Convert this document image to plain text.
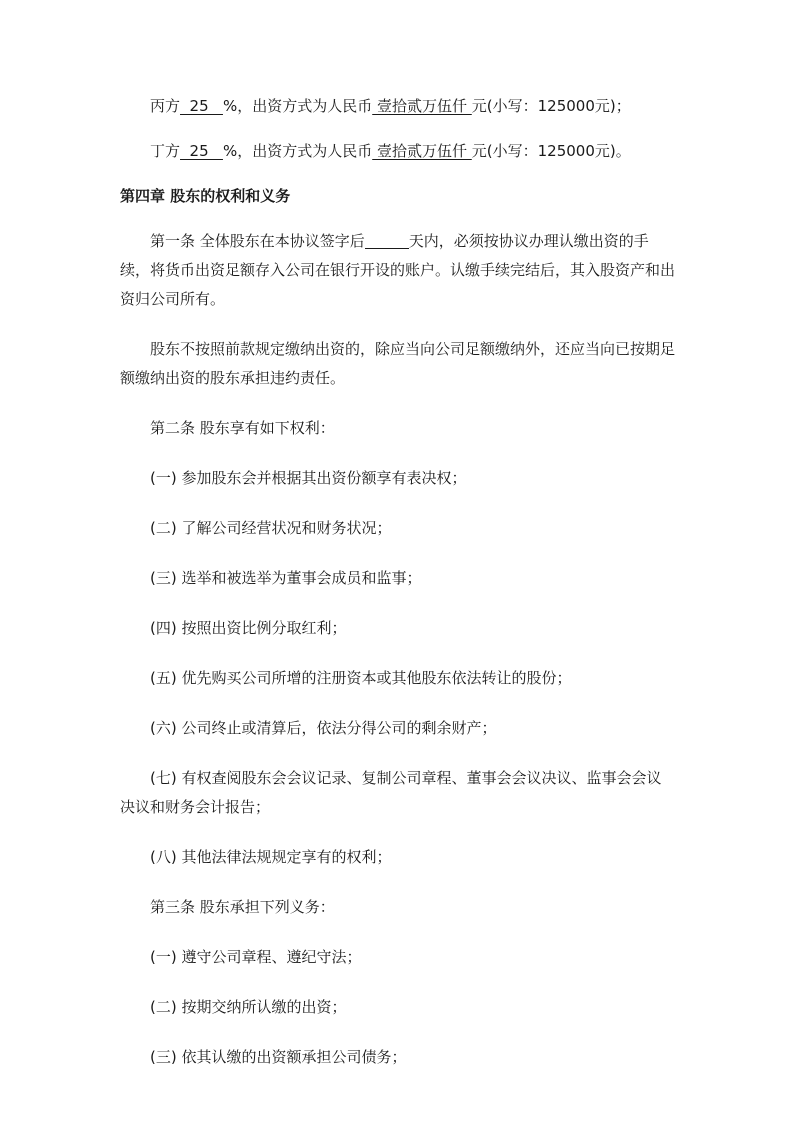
丙方  25   %，出资方式为人民币 壹拾贰万伍仟 元(小写：125000元)；

丁方  25   %，出资方式为人民币 壹拾贰万伍仟 元(小写：125000元)。

第四章 股东的权利和义务

第一条 全体股东在本协议签字后	天内，必须按协议办理认缴出资的手续，将货币出资足额存入公司在银行开设的账户。认缴手续完结后，其入股资产和出资归公司所有。

股东不按照前款规定缴纳出资的，除应当向公司足额缴纳外，还应当向已按期足额缴纳出资的股东承担违约责任。

第二条 股东享有如下权利：

(一) 参加股东会并根据其出资份额享有表决权；

(二) 了解公司经营状况和财务状况；

(三) 选举和被选举为董事会成员和监事；

(四) 按照出资比例分取红利；

(五) 优先购买公司所增的注册资本或其他股东依法转让的股份；

(六) 公司终止或清算后，依法分得公司的剩余财产；

(七) 有权查阅股东会会议记录、复制公司章程、董事会会议决议、监事会会议决议和财务会计报告；

(八) 其他法律法规规定享有的权利；

第三条 股东承担下列义务：

(一) 遵守公司章程、遵纪守法；

(二) 按期交纳所认缴的出资；

(三) 依其认缴的出资额承担公司债务；
